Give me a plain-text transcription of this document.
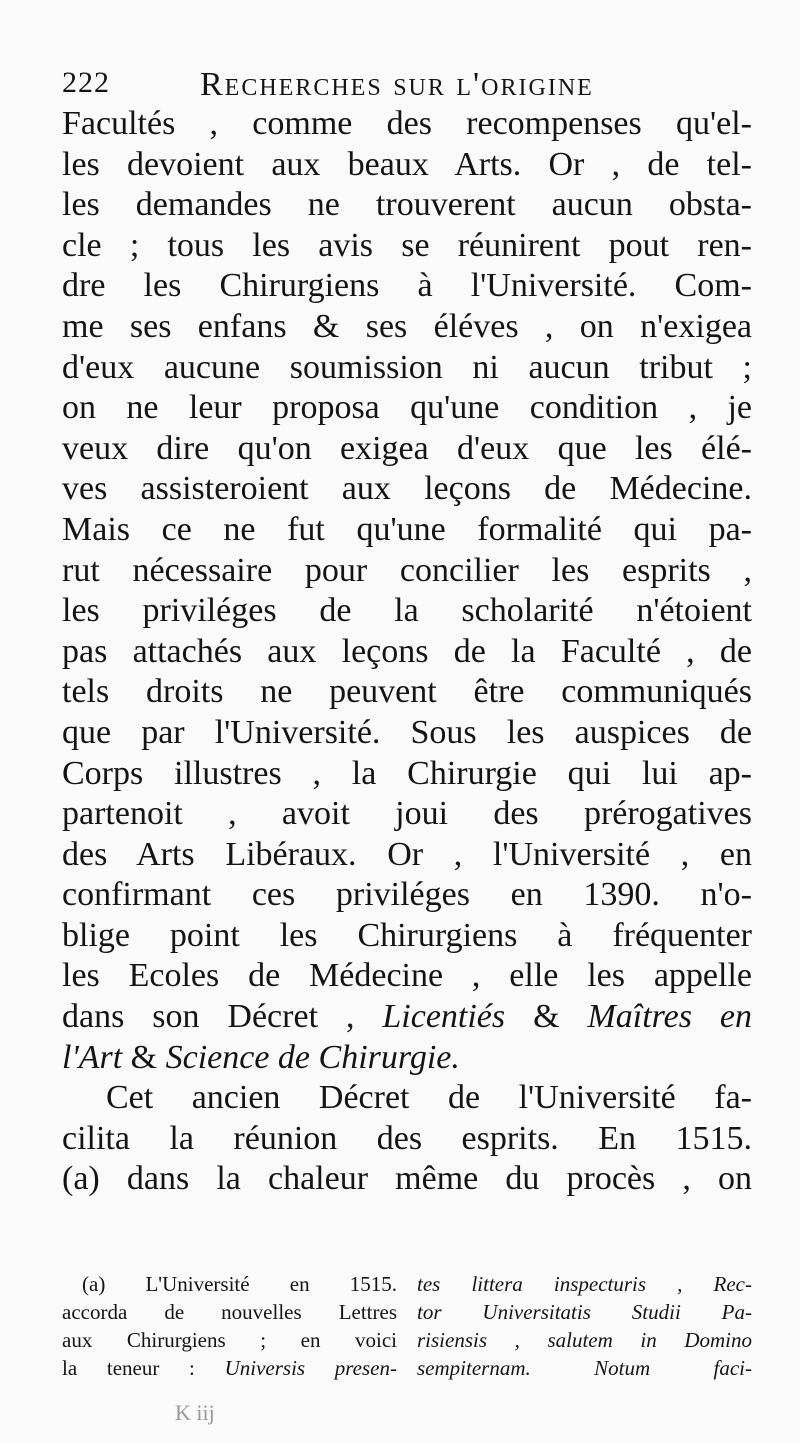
222	Recherches sur l'origine
Facultés , comme des recompenses qu'el-
les devoient aux beaux Arts. Or , de tel-
les demandes ne trouverent aucun obsta-
cle ; tous les avis se réunirent pout ren-
dre les Chirurgiens à l'Université. Com-
me ses enfans & ses éléves , on n'exigea
d'eux aucune soumission ni aucun tribut ;
on ne leur proposa qu'une condition , je
veux dire qu'on exigea d'eux que les élé-
ves assisteroient aux leçons de Médecine.
Mais ce ne fut qu'une formalité qui pa-
rut nécessaire pour concilier les esprits ,
les priviléges de la scholarité n'étoient
pas attachés aux leçons de la Faculté , de
tels droits ne peuvent être communiqués
que par l'Université. Sous les auspices de
Corps illustres , la Chirurgie qui lui ap-
partenoit , avoit joui des prérogatives
des Arts Libéraux. Or , l'Université , en
confirmant ces priviléges en 1390. n'o-
blige point les Chirurgiens à fréquenter
les Ecoles de Médecine , elle les appelle
dans son Décret , Licentiés & Maîtres en
l'Art & Science de Chirurgie.
Cet ancien Décret de l'Université fa-
cilita la réunion des esprits. En 1515.
(a) dans la chaleur même du procès , on
(a) L'Université en 1515.
accorda de nouvelles Lettres
aux Chirurgiens ; en voici
la teneur : Universis presen-
tes littera inspecturis , Rec-
tor Universitatis Studii Pa-
risiensis , salutem in Domino
sempiternam. Notum faci-
K iij
